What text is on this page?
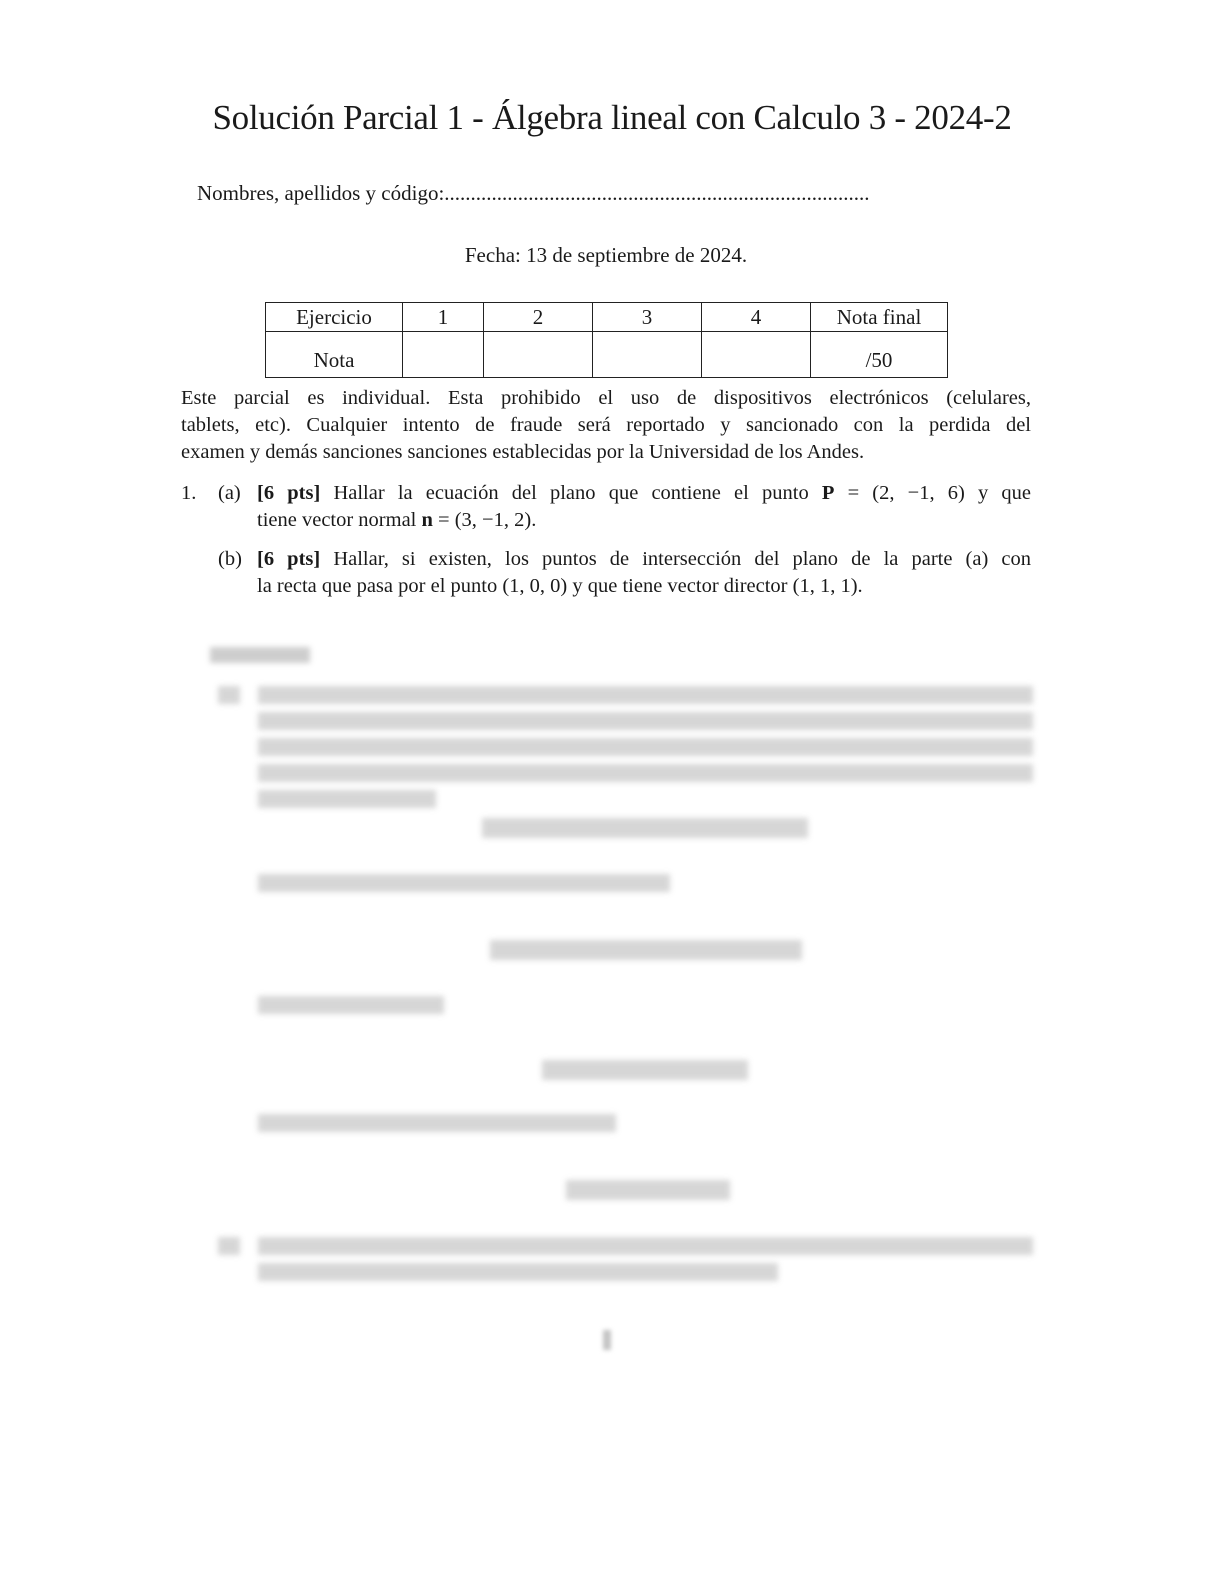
Solución Parcial 1 - Álgebra lineal con Calculo 3 - 2024-2
Nombres, apellidos y código:.................................................................................
Fecha: 13 de septiembre de 2024.
Ejercicio	1	2	3	4	Nota final
Nota					/50
Este parcial es individual. Esta prohibido el uso de dispositivos electrónicos (celulares,
tablets, etc). Cualquier intento de fraude será reportado y sancionado con la perdida del
examen y demás sanciones sanciones establecidas por la Universidad de los Andes.
1. (a) [6 pts] Hallar la ecuación del plano que contiene el punto P = (2, −1, 6) y que
tiene vector normal n = (3, −1, 2).
(b) [6 pts] Hallar, si existen, los puntos de intersección del plano de la parte (a) con
la recta que pasa por el punto (1, 0, 0) y que tiene vector director (1, 1, 1).
